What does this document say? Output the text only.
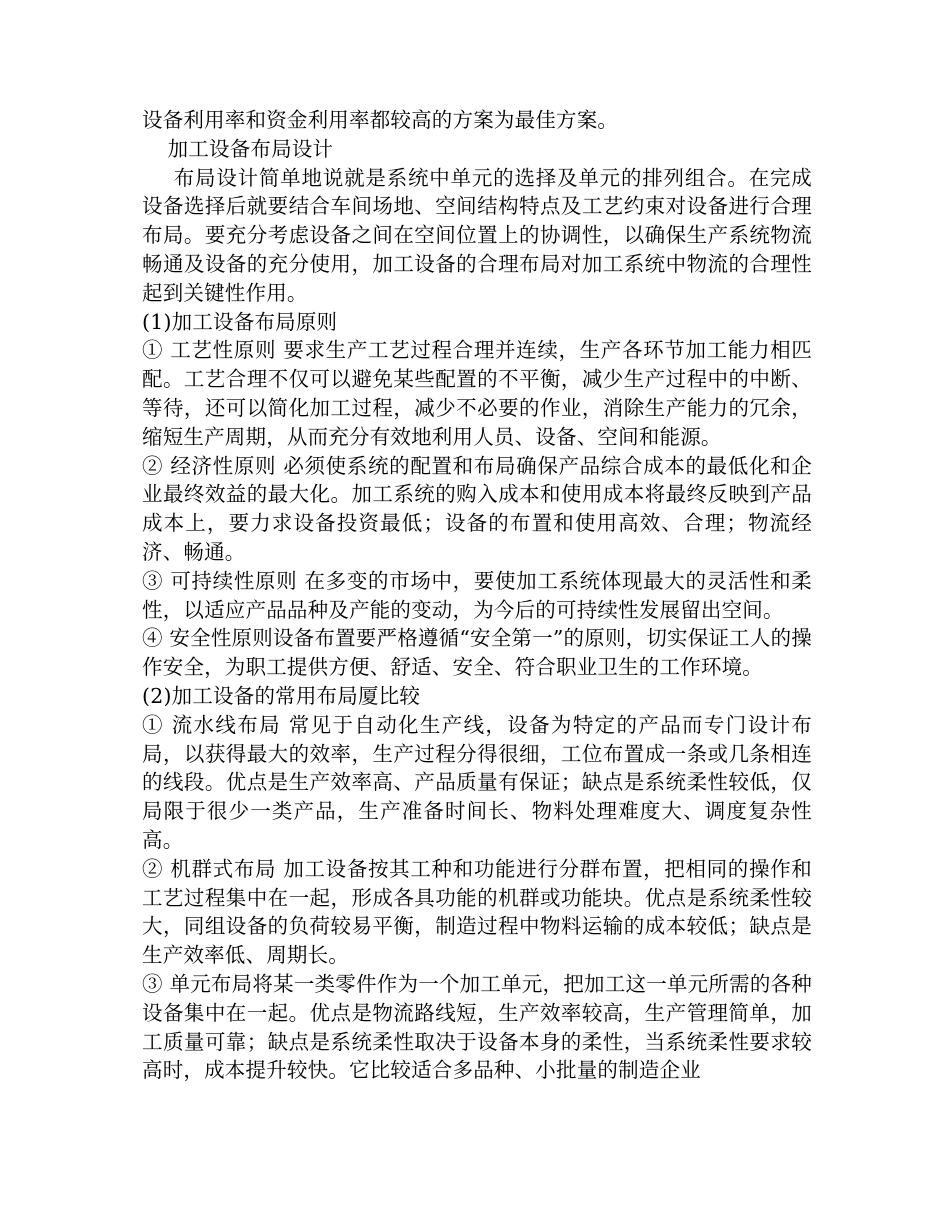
设备利用率和资金利用率都较高的方案为最佳方案。

加工设备布局设计

布局设计简单地说就是系统中单元的选择及单元的排列组合。在完成设备选择后就要结合车间场地、空间结构特点及工艺约束对设备进行合理布局。要充分考虑设备之间在空间位置上的协调性，以确保生产系统物流畅通及设备的充分使用，加工设备的合理布局对加工系统中物流的合理性起到关键性作用。

(1)加工设备布局原则

① 工艺性原则 要求生产工艺过程合理并连续，生产各环节加工能力相匹配。工艺合理不仅可以避免某些配置的不平衡，减少生产过程中的中断、等待，还可以简化加工过程，减少不必要的作业，消除生产能力的冗余，缩短生产周期，从而充分有效地利用人员、设备、空间和能源。

② 经济性原则 必须使系统的配置和布局确保产品综合成本的最低化和企业最终效益的最大化。加工系统的购入成本和使用成本将最终反映到产品成本上，要力求设备投资最低；设备的布置和使用高效、合理；物流经济、畅通。

③ 可持续性原则 在多变的市场中，要使加工系统体现最大的灵活性和柔性，以适应产品品种及产能的变动，为今后的可持续性发展留出空间。

④ 安全性原则设备布置要严格遵循“安全第一”的原则，切实保证工人的操作安全，为职工提供方便、舒适、安全、符合职业卫生的工作环境。

(2)加工设备的常用布局厦比较

① 流水线布局 常见于自动化生产线，设备为特定的产品而专门设计布局，以获得最大的效率，生产过程分得很细，工位布置成一条或几条相连的线段。优点是生产效率高、产品质量有保证；缺点是系统柔性较低，仅局限于很少一类产品，生产准备时间长、物料处理难度大、调度复杂性高。

② 机群式布局 加工设备按其工种和功能进行分群布置，把相同的操作和工艺过程集中在一起，形成各具功能的机群或功能块。优点是系统柔性较大，同组设备的负荷较易平衡，制造过程中物料运输的成本较低；缺点是生产效率低、周期长。

③ 单元布局将某一类零件作为一个加工单元，把加工这一单元所需的各种设备集中在一起。优点是物流路线短，生产效率较高，生产管理简单，加工质量可靠；缺点是系统柔性取决于设备本身的柔性，当系统柔性要求较高时，成本提升较快。它比较适合多品种、小批量的制造企业
